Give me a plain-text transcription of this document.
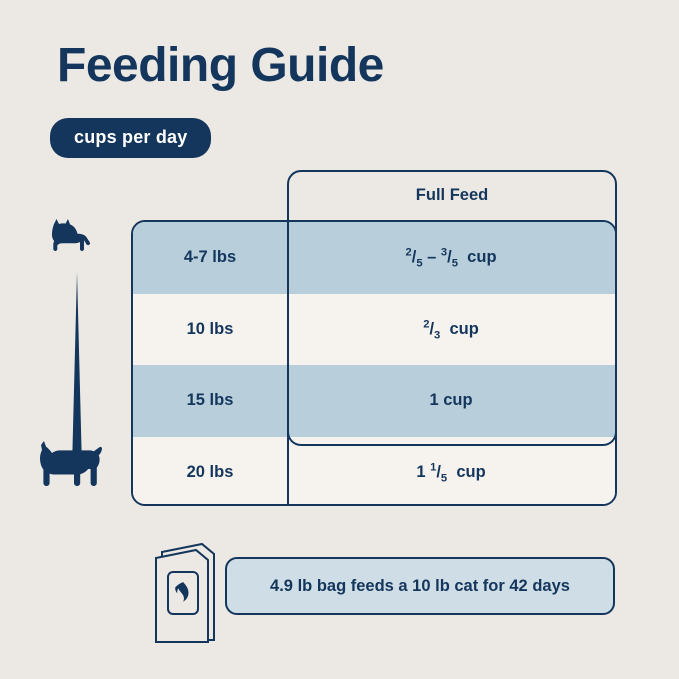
Feeding Guide
cups per day
4-7 lbs	$^2/_5 - ^3/_5$  cup
10 lbs	$^2/_3$  cup
15 lbs	1 cup
20 lbs	1 $^1/_5$  cup
Full Feed
4.9 lb bag feeds a 10 lb cat for 42 days
